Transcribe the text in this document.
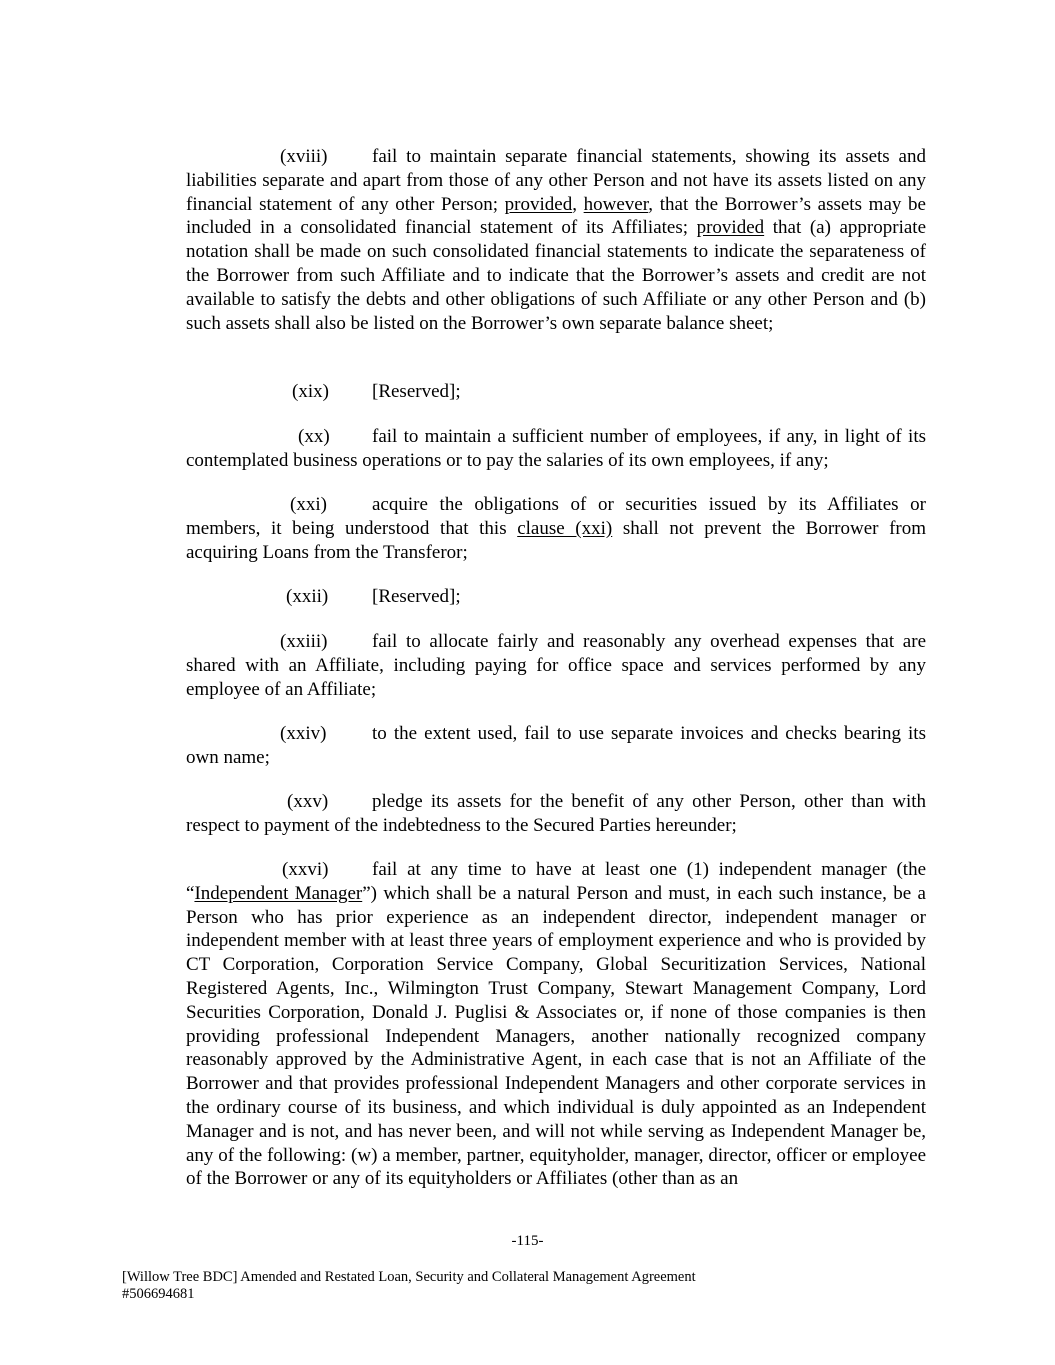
(xviii) fail to maintain separate financial statements, showing its assets and liabilities separate and apart from those of any other Person and not have its assets listed on any financial statement of any other Person; provided, however, that the Borrower’s assets may be included in a consolidated financial statement of its Affiliates; provided that (a) appropriate notation shall be made on such consolidated financial statements to indicate the separateness of the Borrower from such Affiliate and to indicate that the Borrower’s assets and credit are not available to satisfy the debts and other obligations of such Affiliate or any other Person and (b) such assets shall also be listed on the Borrower’s own separate balance sheet;

(xix) [Reserved];

(xx) fail to maintain a sufficient number of employees, if any, in light of its contemplated business operations or to pay the salaries of its own employees, if any;

(xxi) acquire the obligations of or securities issued by its Affiliates or members, it being understood that this clause (xxi) shall not prevent the Borrower from acquiring Loans from the Transferor;

(xxii) [Reserved];

(xxiii) fail to allocate fairly and reasonably any overhead expenses that are shared with an Affiliate, including paying for office space and services performed by any employee of an Affiliate;

(xxiv) to the extent used, fail to use separate invoices and checks bearing its own name;

(xxv) pledge its assets for the benefit of any other Person, other than with respect to payment of the indebtedness to the Secured Parties hereunder;

(xxvi) fail at any time to have at least one (1) independent manager (the “Independent Manager”) which shall be a natural Person and must, in each such instance, be a Person who has prior experience as an independent director, independent manager or independent member with at least three years of employment experience and who is provided by CT Corporation, Corporation Service Company, Global Securitization Services, National Registered Agents, Inc., Wilmington Trust Company, Stewart Management Company, Lord Securities Corporation, Donald J. Puglisi & Associates or, if none of those companies is then providing professional Independent Managers, another nationally recognized company reasonably approved by the Administrative Agent, in each case that is not an Affiliate of the Borrower and that provides professional Independent Managers and other corporate services in the ordinary course of its business, and which individual is duly appointed as an Independent Manager and is not, and has never been, and will not while serving as Independent Manager be, any of the following: (w) a member, partner, equityholder, manager, director, officer or employee of the Borrower or any of its equityholders or Affiliates (other than as an

-115-
[Willow Tree BDC] Amended and Restated Loan, Security and Collateral Management Agreement
#506694681
